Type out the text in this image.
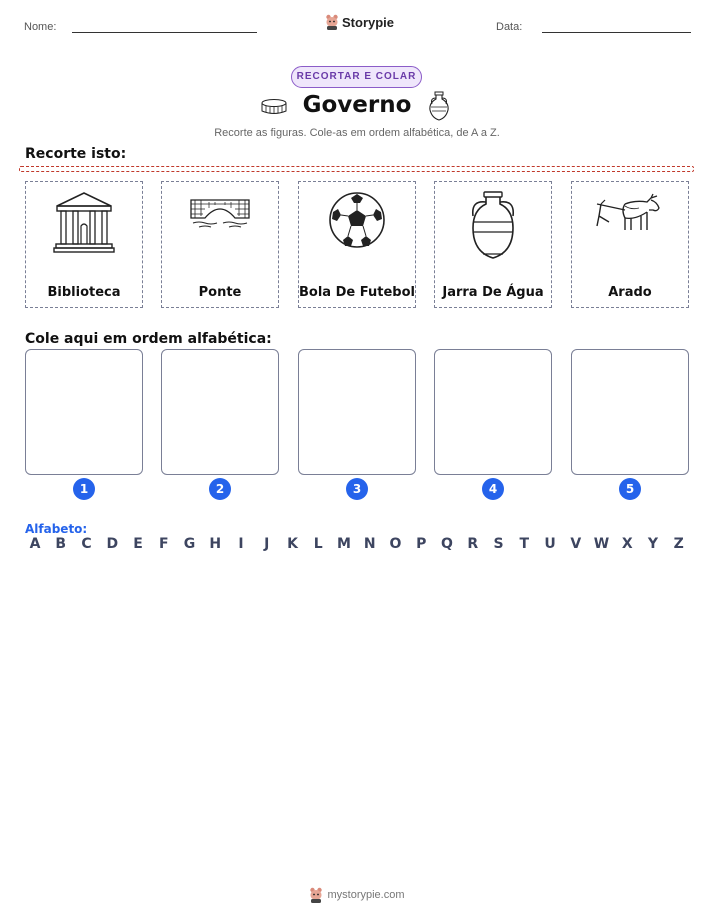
Nome:	Storypie	Data:
RECORTAR E COLAR
Governo
Recorte as figuras. Cole-as em ordem alfabética, de A a Z.
Recorte isto:
Biblioteca	Ponte	Bola De Futebol	Jarra De Água	Arado
Cole aqui em ordem alfabética:
1	2	3	4	5
Alfabeto:
A	B	C	D	E	F	G	H	I	J	K	L	M N O	P	Q	R	S	T	U	V W X	Y	Z
mystorypie.com
